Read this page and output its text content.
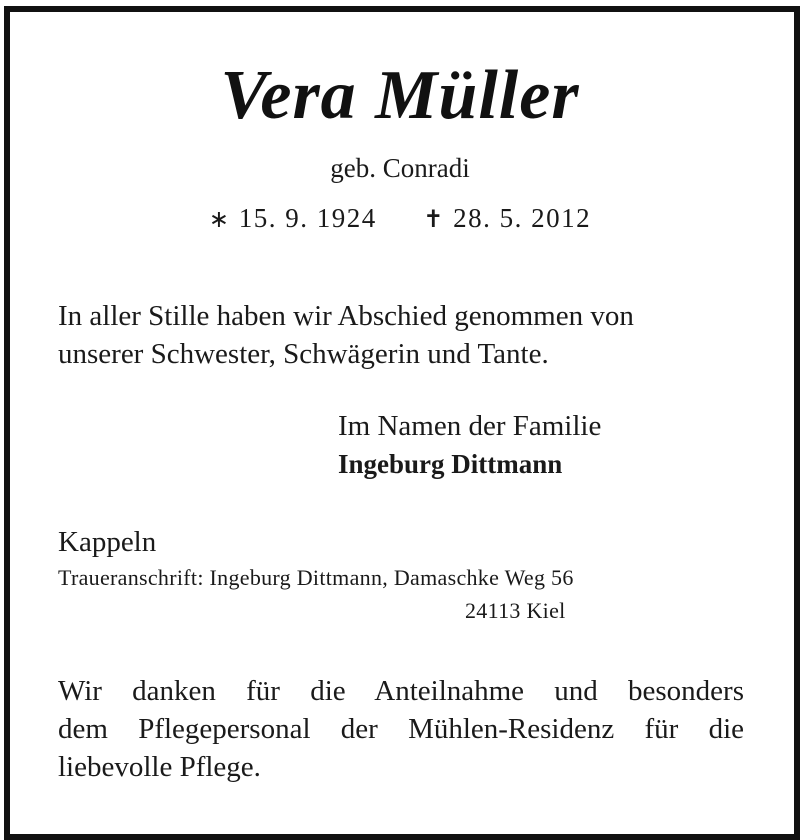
Vera Müller
geb. Conradi
∗ 15. 9. 1924 ✝ 28. 5. 2012

In aller Stille haben wir Abschied genommen von
unserer Schwester, Schwägerin und Tante.

Im Namen der Familie
Ingeburg Dittmann

Kappeln

Traueranschrift: Ingeburg Dittmann, Damaschke Weg 56
24113 Kiel

Wir danken für die Anteilnahme und besonders
dem Pflegepersonal der Mühlen-Residenz für die
liebevolle Pflege.
